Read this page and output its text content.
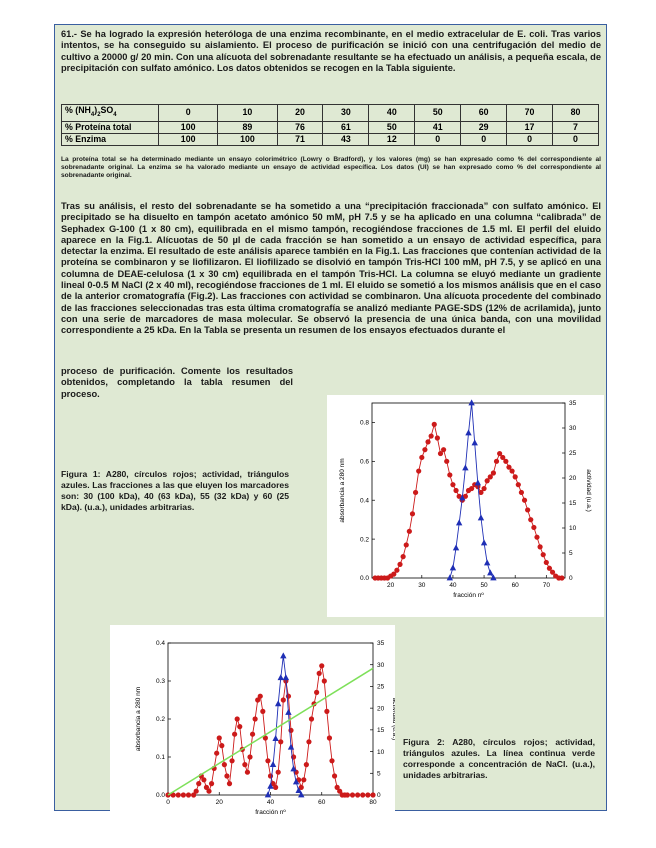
61.- Se ha logrado la expresión heteróloga de una enzima recombinante, en el medio extracelular de E. coli. Tras varios intentos, se ha conseguido su aislamiento. El proceso de purificación se inició con una centrifugación del medio de cultivo a 20000 g/ 20 min. Con una alícuota del sobrenadante resultante se ha efectuado un análisis, a pequeña escala, de precipitación con sulfato amónico. Los datos obtenidos se recogen en la Tabla siguiente.
% $(NH_4)_2SO_4$	0	10	20	30	40	50	60	70	80
% Proteína total	100	89	76	61	50	41	29	17	7
% Enzima	100	100	71	43	12	0	0	0	0
La proteína total se ha determinado mediante un ensayo colorimétrico (Lowry o Bradford), y los valores (mg) se han expresado como % del correspondiente al sobrenadante original. La enzima se ha valorado mediante un ensayo de actividad específica. Los datos (UI) se han expresado como % del correspondiente al sobrenadante original.
Tras su análisis, el resto del sobrenadante se ha sometido a una “precipitación fraccionada” con sulfato amónico. El precipitado se ha disuelto en tampón acetato amónico 50 mM, pH 7.5 y se ha aplicado en una columna “calibrada” de Sephadex G-100 (1 x 80 cm), equilibrada en el mismo tampón, recogiéndose fracciones de 1.5 ml. El perfil del eluido aparece en la Fig.1. Alícuotas de 50 µl de cada fracción se han sometido a un ensayo de actividad específica, para detectar la enzima. El resultado de este análisis aparece también en la Fig.1. Las fracciones que contenían actividad de la proteína se combinaron y se liofilizaron. El liofilizado se disolvió en tampón Tris-HCl 100 mM, pH 7.5, y se aplicó en una columna de DEAE-celulosa (1 x 30 cm) equilibrada en el tampón Tris-HCl. La columna se eluyó mediante un gradiente lineal 0-0.5 M NaCl (2 x 40 ml), recogiéndose fracciones de 1 ml. El eluido se sometió a los mismos análisis que en el caso de la anterior cromatografía (Fig.2). Las fracciones con actividad se combinaron. Una alícuota procedente del combinado de las fracciones seleccionadas tras esta última cromatografía se analizó mediante PAGE-SDS (12% de acrilamida), junto con una serie de marcadores de masa molecular. Se observó la presencia de una única banda, con una movilidad correspondiente a 25 kDa. En la Tabla se presenta un resumen de los ensayos efectuados durante el
proceso de purificación. Comente los resultados obtenidos, completando la tabla resumen del proceso.
Figura 1: A280, círculos rojos; actividad, triángulos azules. Las fracciones a las que eluyen los marcadores son: 30 (100 kDa), 40 (63 kDa), 55 (32 kDa) y 60 (25 kDa). (u.a.), unidades arbitrarias.
20	30	40	50	60	70
0.0
0.2
0.4
0.6
0.8
0
5
10
15
20
25
30
35
fracción nº
absorbancia a 280 nm	actividad (u.a.)
0	20	40	60	80
0.0
0.1
0.2
0.3
0.4
0
5
10
15
20
25
30
35
fracción nº
absorbancia a 280 nm	actividad (u.a.)
Figura 2: A280, círculos rojos; actividad, triángulos azules. La línea continua verde corresponde a concentración de NaCl. (u.a.), unidades arbitrarias.
